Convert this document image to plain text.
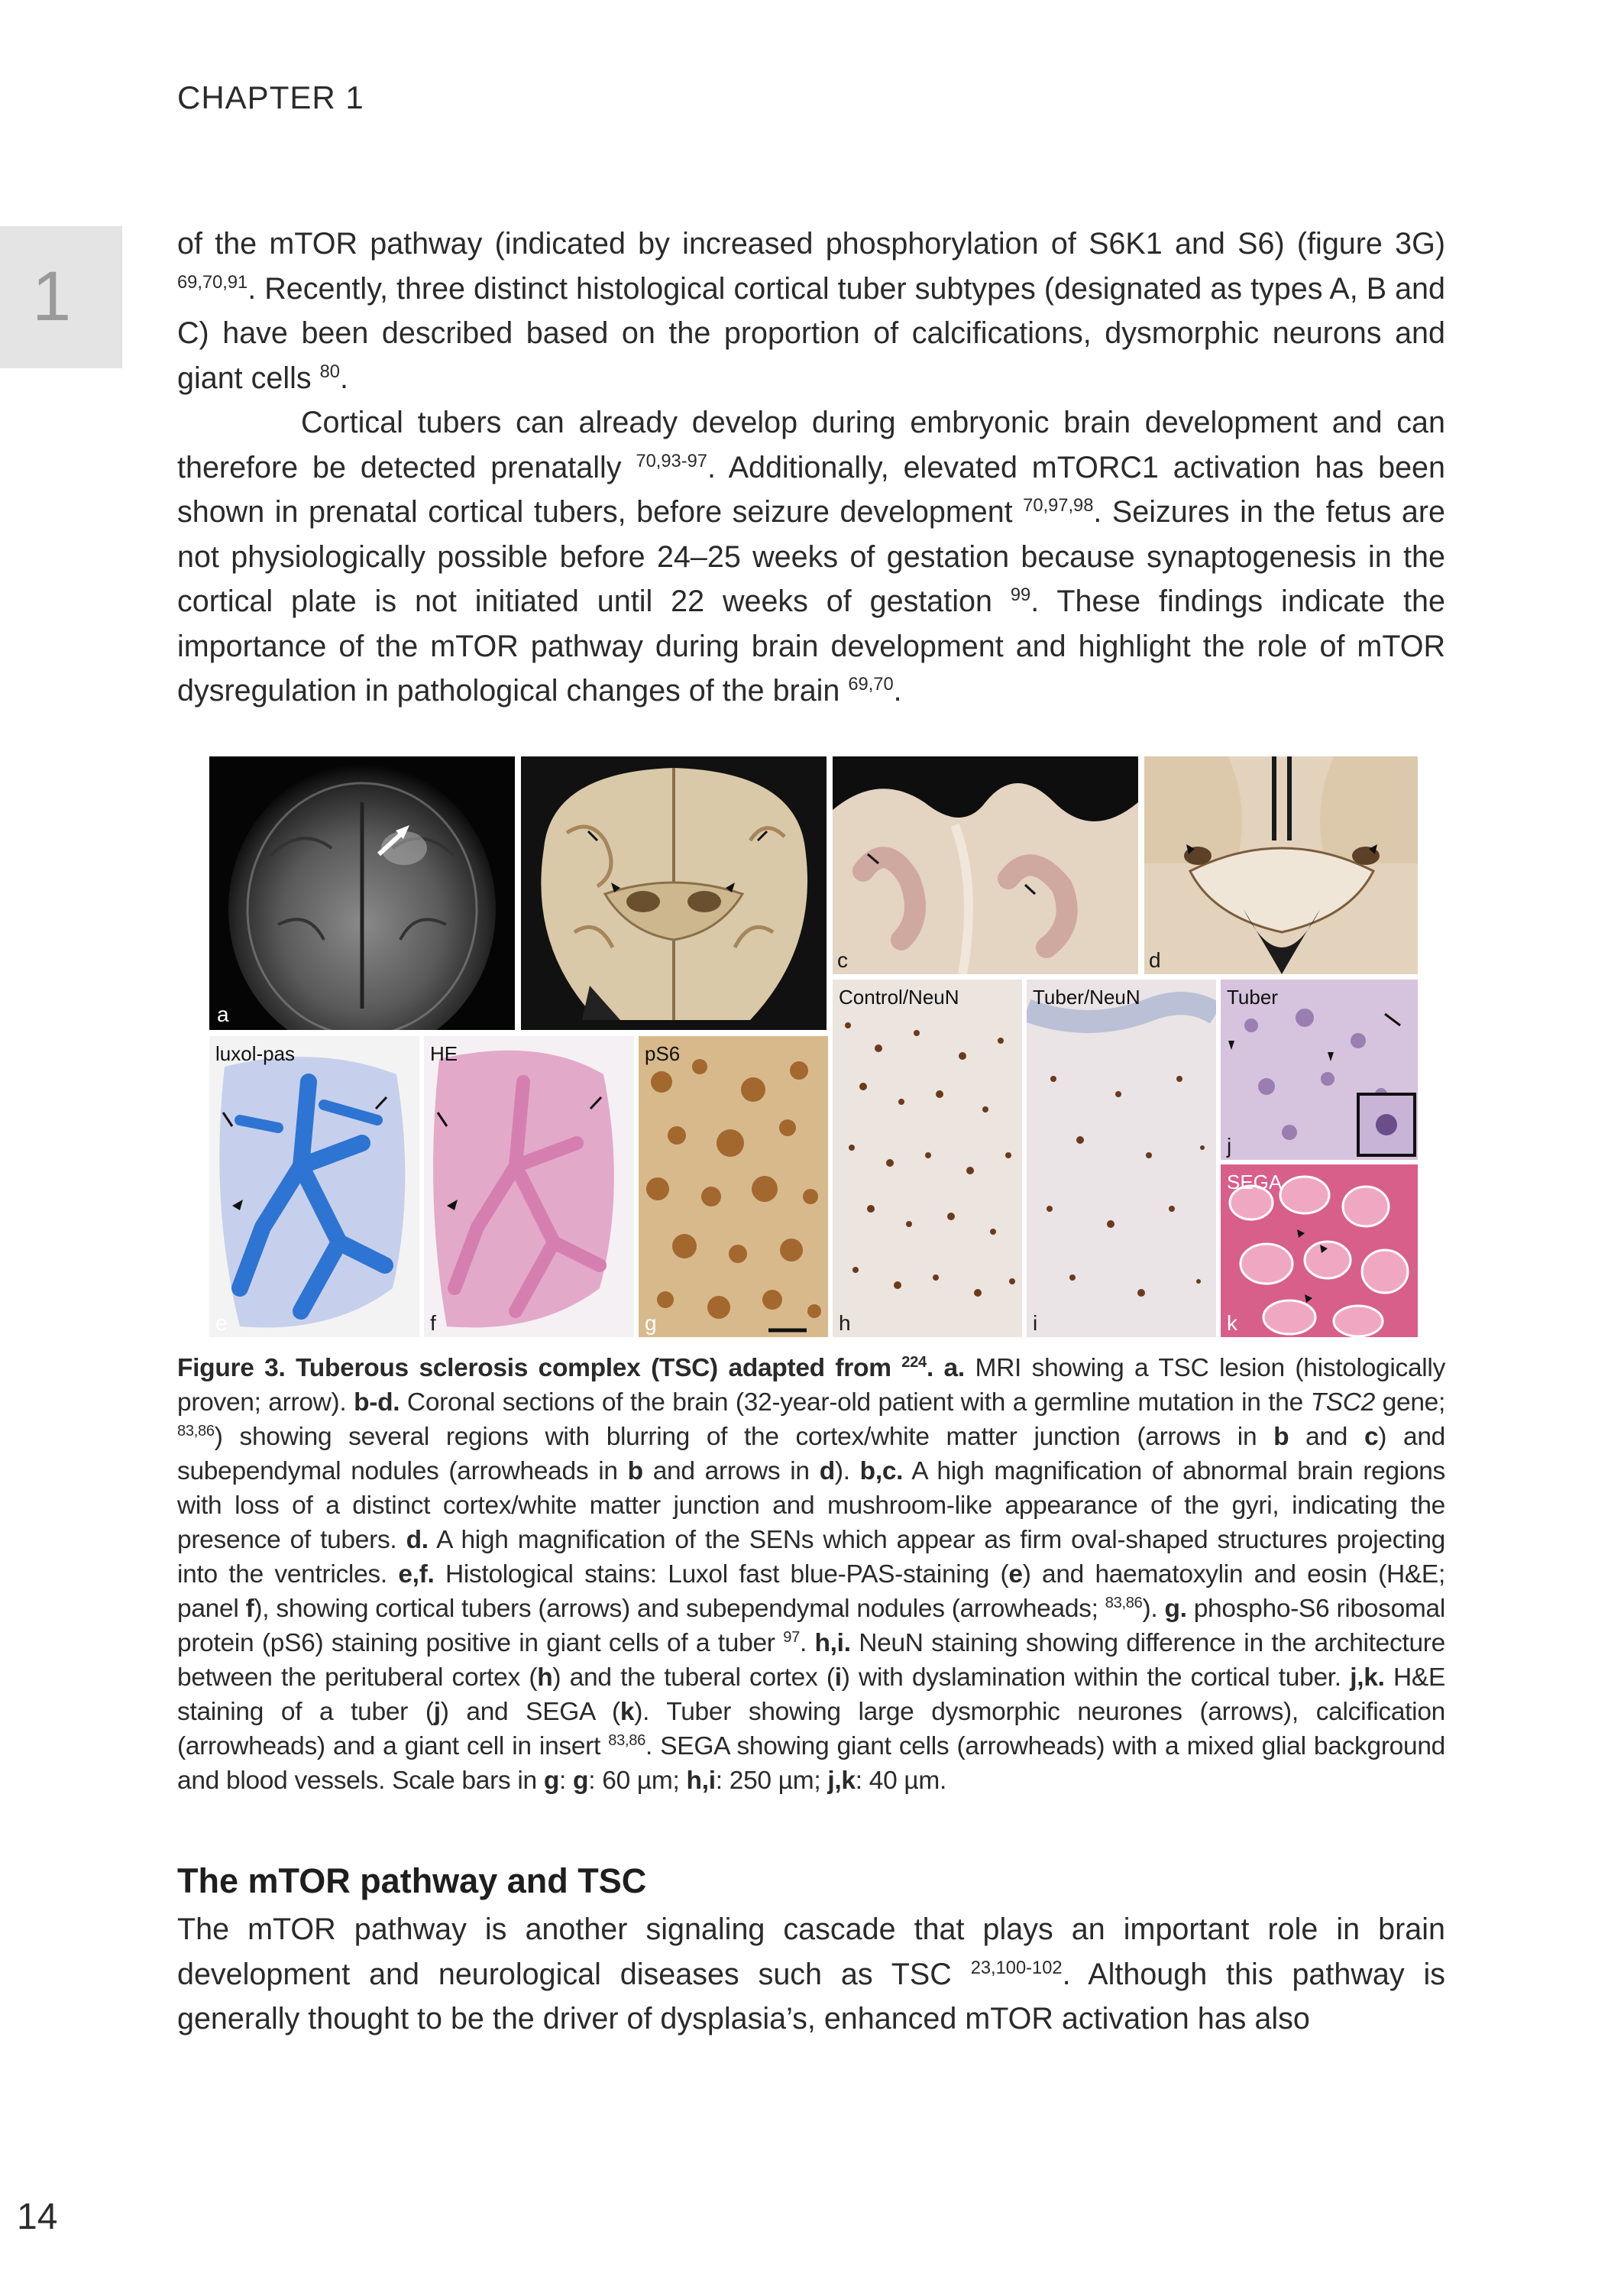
CHAPTER 1
1

of the mTOR pathway (indicated by increased phosphorylation of S6K1 and S6) (figure 3G) $^{69,70,91}$. Recently, three distinct histological cortical tuber subtypes (designated as types A, B and C) have been described based on the proportion of calcifications, dysmorphic neurons and giant cells $^{80}$.

Cortical tubers can already develop during embryonic brain development and can therefore be detected prenatally $^{70,93-97}$. Additionally, elevated mTORC1 activation has been shown in prenatal cortical tubers, before seizure development $^{70,97,98}$. Seizures in the fetus are not physiologically possible before 24–25 weeks of gestation because synaptogenesis in the cortical plate is not initiated until 22 weeks of gestation $^{99}$. These findings indicate the importance of the mTOR pathway during brain development and highlight the role of mTOR dysregulation in pathological changes of the brain $^{69,70}$.

a	b
c	d
luxol-pas
e
HE
f
pS6
g
Control/NeuN
h
Tuber/NeuN
i
Tuber
j
SEGA
k
Figure 3. Tuberous sclerosis complex (TSC) adapted from $^{224}$. a. MRI showing a TSC lesion (histologically proven; arrow). b-d. Coronal sections of the brain (32-year-old patient with a germline mutation in the TSC2 gene; $^{83,86}$) showing several regions with blurring of the cortex/white matter junction (arrows in b and c) and subependymal nodules (arrowheads in b and arrows in d). b,c. A high magnification of abnormal brain regions with loss of a distinct cortex/white matter junction and mushroom-like appearance of the gyri, indicating the presence of tubers. d. A high magnification of the SENs which appear as firm oval-shaped structures projecting into the ventricles. e,f. Histological stains: Luxol fast blue-PAS-staining (e) and haematoxylin and eosin (H&E; panel f), showing cortical tubers (arrows) and subependymal nodules (arrowheads; $^{83,86}$). g. phospho-S6 ribosomal protein (pS6) staining positive in giant cells of a tuber $^{97}$. h,i. NeuN staining showing difference in the architecture between the perituberal cortex (h) and the tuberal cortex (i) with dyslamination within the cortical tuber. j,k. H&E staining of a tuber (j) and SEGA (k). Tuber showing large dysmorphic neurones (arrows), calcification (arrowheads) and a giant cell in insert $^{83,86}$. SEGA showing giant cells (arrowheads) with a mixed glial background and blood vessels. Scale bars in g: g: 60 µm; h,i: 250 µm; j,k: 40 µm.
The mTOR pathway and TSC

The mTOR pathway is another signaling cascade that plays an important role in brain development and neurological diseases such as TSC $^{23,100-102}$. Although this pathway is generally thought to be the driver of dysplasia’s, enhanced mTOR activation has also

14
